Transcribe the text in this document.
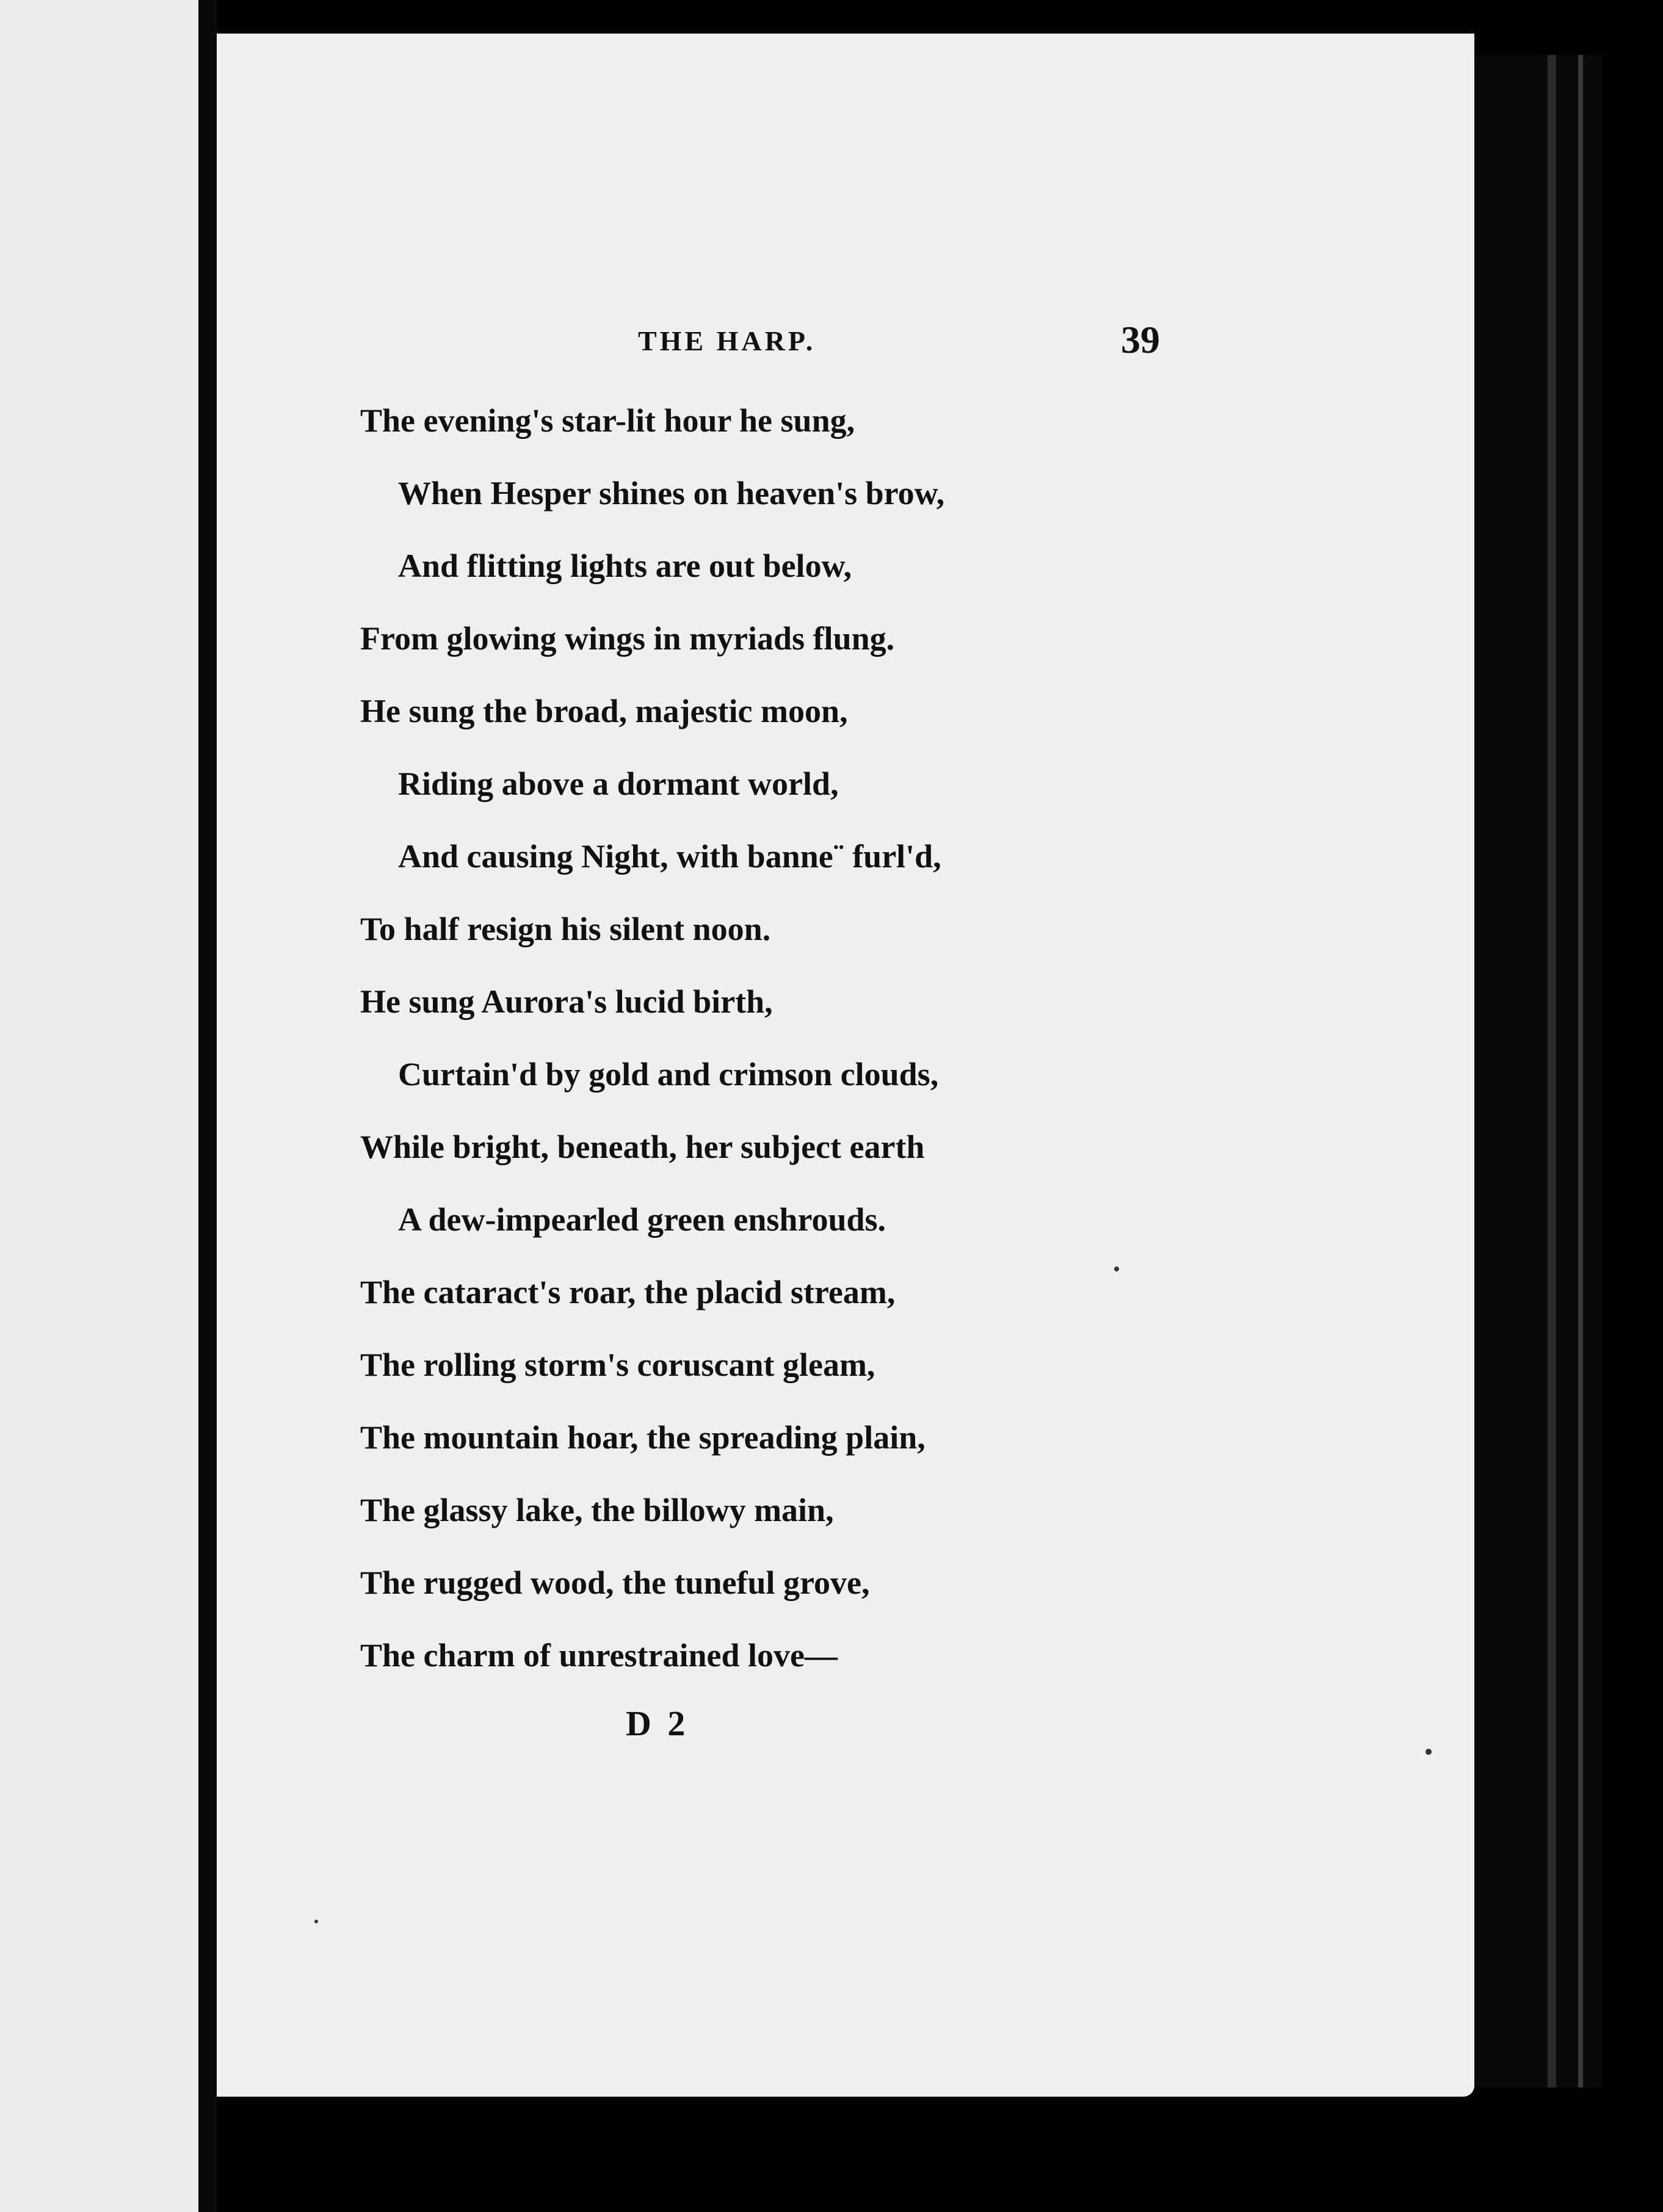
THE HARP.	39
The evening's star-lit hour he sung,
When Hesper shines on heaven's brow,
And flitting lights are out below,
From glowing wings in myriads flung.
He sung the broad, majestic moon,
Riding above a dormant world,
And causing Night, with banne¨ furl'd,
To half resign his silent noon.
He sung Aurora's lucid birth,
Curtain'd by gold and crimson clouds,
While bright, beneath, her subject earth
A dew-impearled green enshrouds.
The cataract's roar, the placid stream,
The rolling storm's coruscant gleam,
The mountain hoar, the spreading plain,
The glassy lake, the billowy main,
The rugged wood, the tuneful grove,
The charm of unrestrained love—
D 2
